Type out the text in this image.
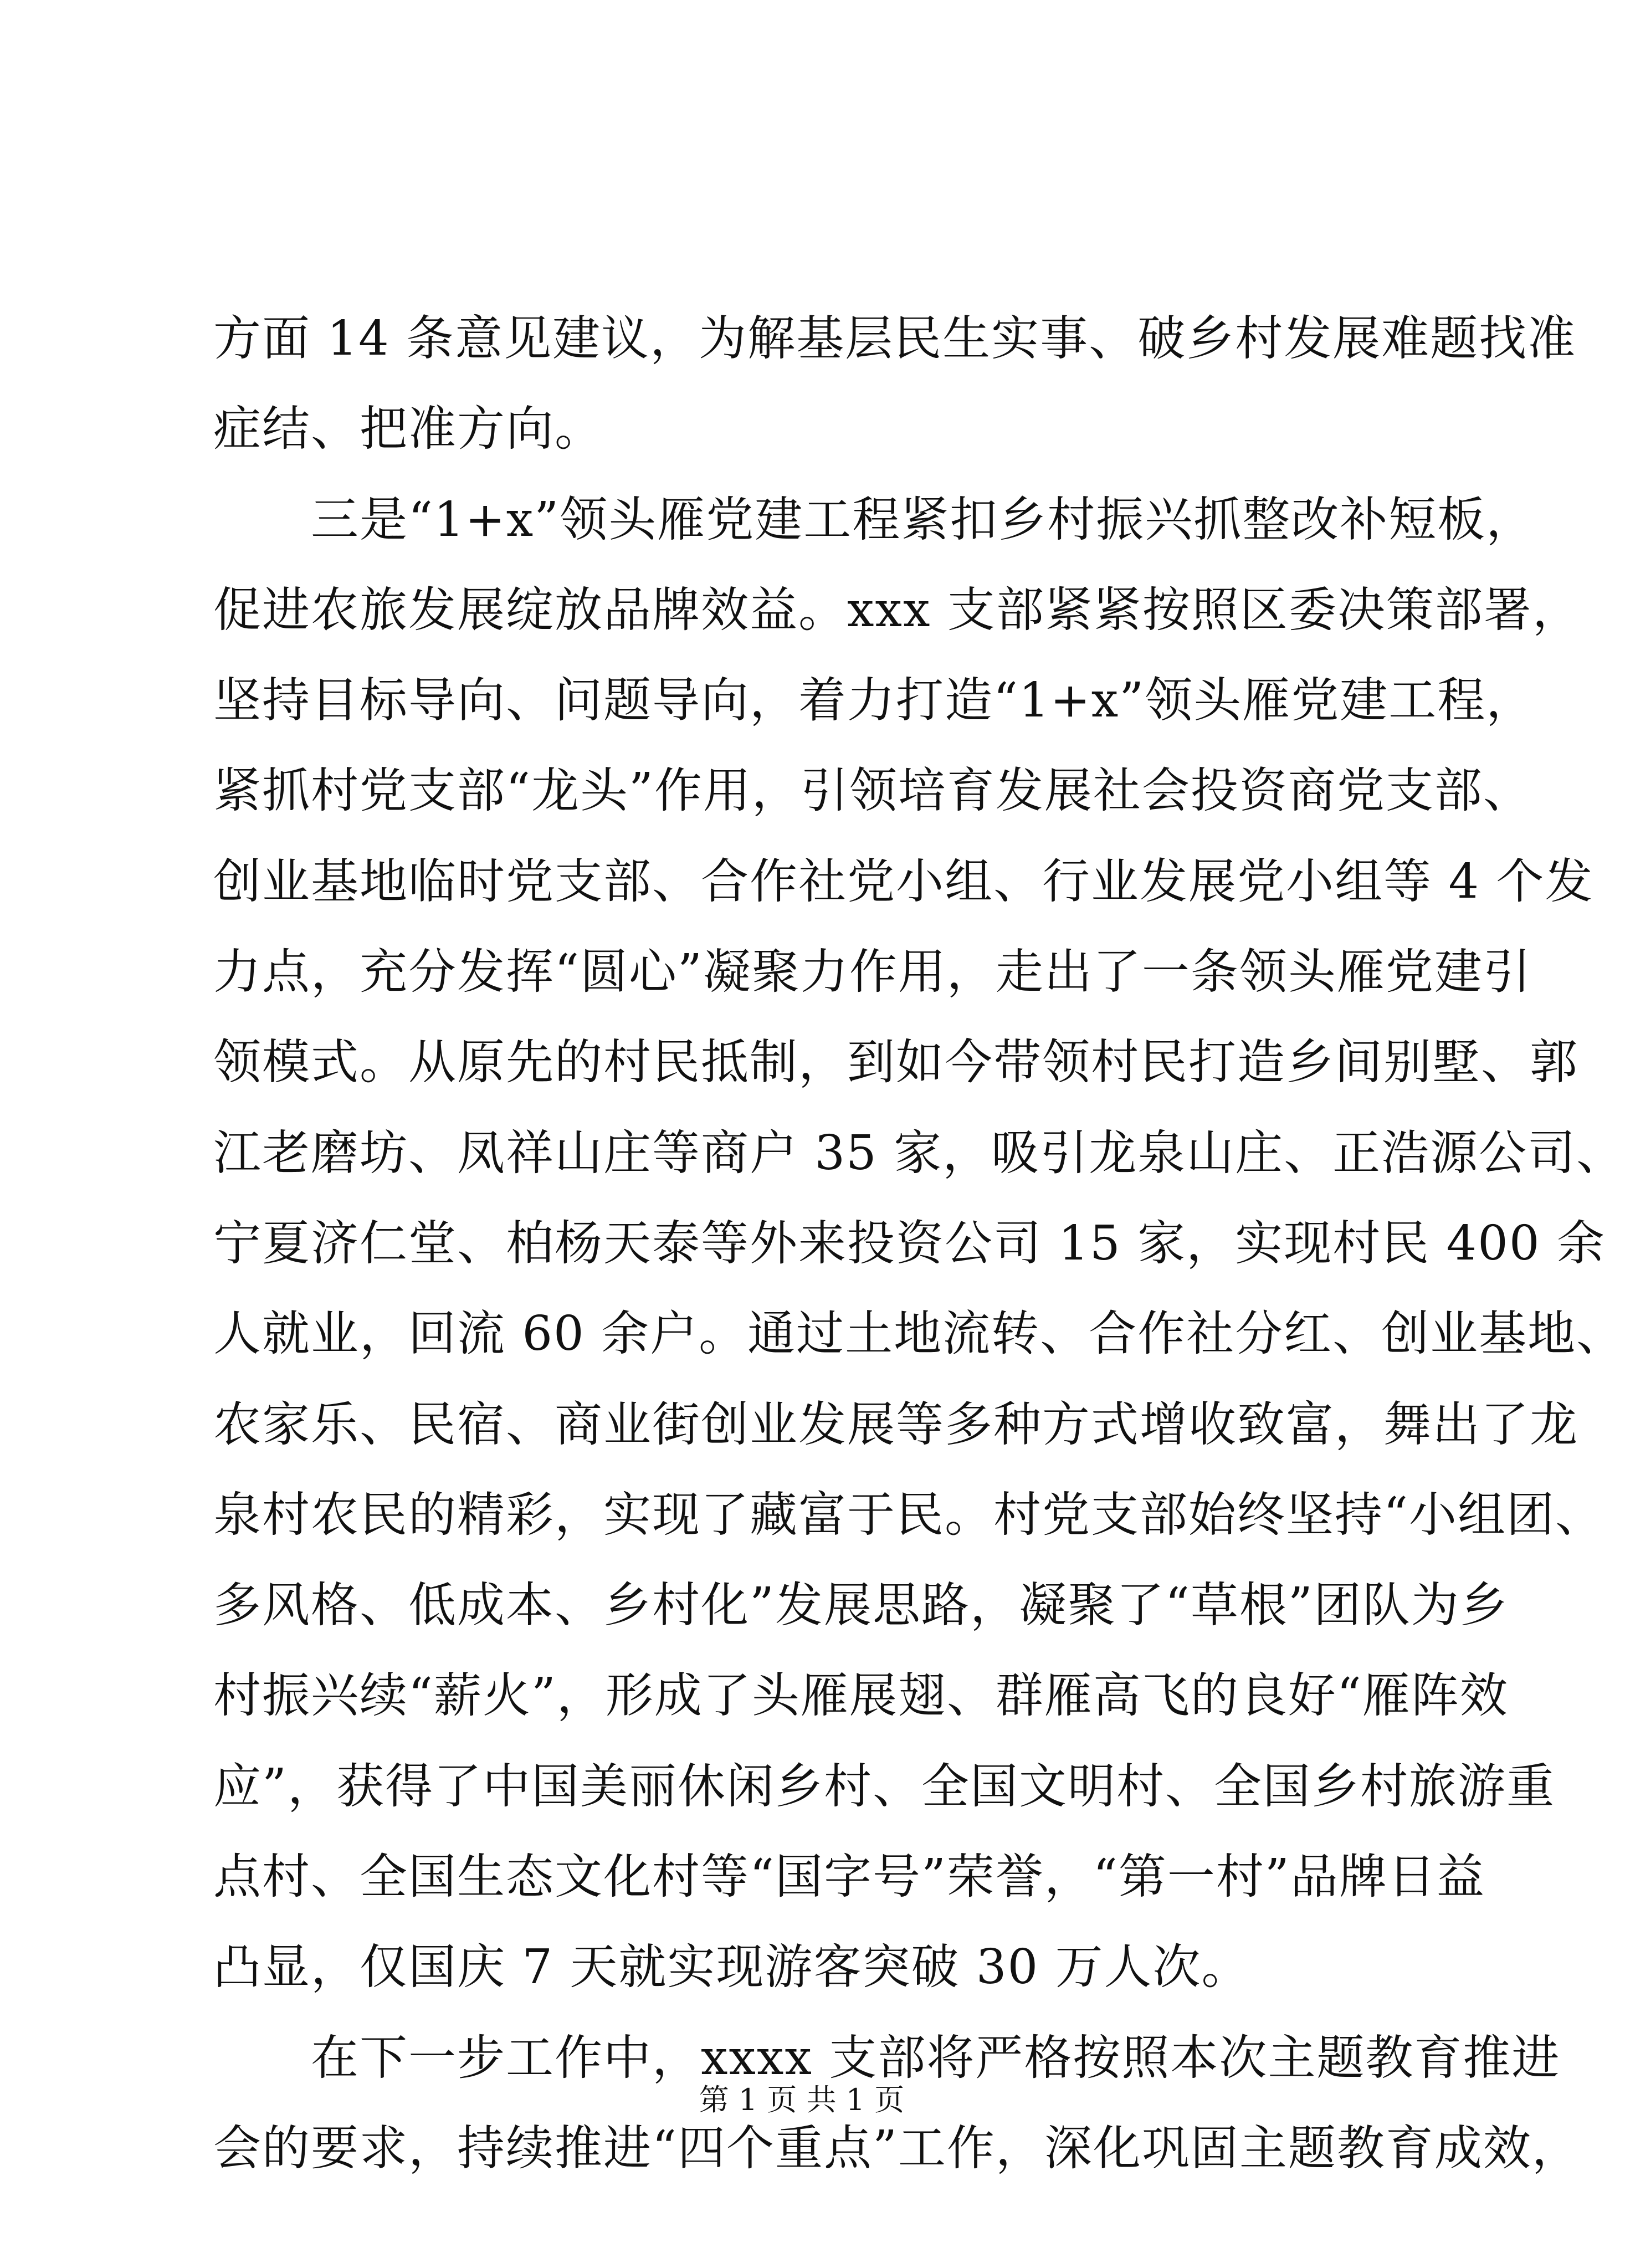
方面 14 条意见建议，为解基层民生实事、破乡村发展难题找准
症结、把准方向。
　　三是“1+x”领头雁党建工程紧扣乡村振兴抓整改补短板，
促进农旅发展绽放品牌效益。xxx 支部紧紧按照区委决策部署，
坚持目标导向、问题导向，着力打造“1+x”领头雁党建工程，
紧抓村党支部“龙头”作用，引领培育发展社会投资商党支部、
创业基地临时党支部、合作社党小组、行业发展党小组等 4 个发
力点，充分发挥“圆心”凝聚力作用，走出了一条领头雁党建引
领模式。从原先的村民抵制，到如今带领村民打造乡间别墅、郭
江老磨坊、凤祥山庄等商户 35 家，吸引龙泉山庄、正浩源公司、
宁夏济仁堂、柏杨天泰等外来投资公司 15 家，实现村民 400 余
人就业，回流 60 余户。通过土地流转、合作社分红、创业基地、
农家乐、民宿、商业街创业发展等多种方式增收致富，舞出了龙
泉村农民的精彩，实现了藏富于民。村党支部始终坚持“小组团、
多风格、低成本、乡村化”发展思路，凝聚了“草根”团队为乡
村振兴续“薪火”，形成了头雁展翅、群雁高飞的良好“雁阵效
应”，获得了中国美丽休闲乡村、全国文明村、全国乡村旅游重
点村、全国生态文化村等“国字号”荣誉，“第一村”品牌日益
凸显，仅国庆 7 天就实现游客突破 30 万人次。
　　在下一步工作中，xxxx 支部将严格按照本次主题教育推进
会的要求，持续推进“四个重点”工作，深化巩固主题教育成效，
第 1 页 共 1 页
